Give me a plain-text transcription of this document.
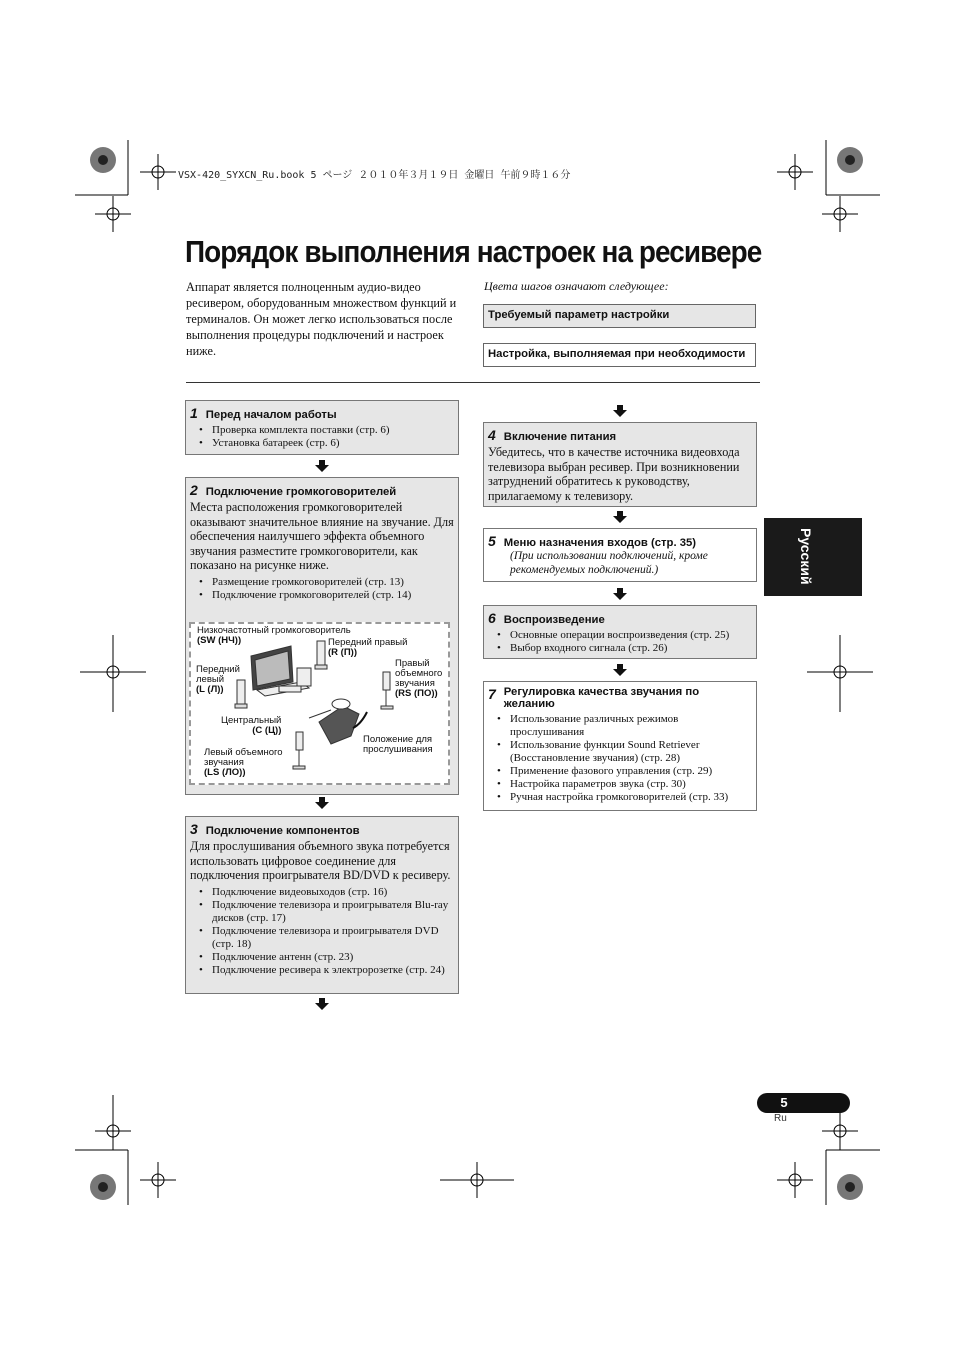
VSX-420_SYXCN_Ru.book 5 ページ ２０１０年３月１９日 金曜日 午前９時１６分
Порядок выполнения настроек на ресивере
Аппарат является полноценным аудио-видео ресивером, оборудованным множеством функций и терминалов. Он может легко использоваться после выполнения процедуры подключений и настроек ниже.
Цвета шагов означают следующее:
Требуемый параметр настройки
Настройка, выполняемая при необходимости
1 Перед началом работы
• Проверка комплекта поставки (стр. 6)
• Установка батареек (стр. 6)
2 Подключение громкоговорителей
Места расположения громкоговорителей оказывают значительное влияние на звучание. Для обеспечения наилучшего эффекта объемного звучания разместите громкоговорители, как показано на рисунке ниже.
• Размещение громкоговорителей (стр. 13)
• Подключение громкоговорителей (стр. 14)
Низкочастотный громкоговоритель
(SW (НЧ))	Передний правый
(R (П))
Передний левый
(L (Л))
Правый объемного звучания
(RS (ПО))
Центральный
(C (Ц))
Левый объемного звучания
(LS (ЛО))
Положение для прослушивания
3 Подключение компонентов
Для прослушивания объемного звука потребуется использовать цифровое соединение для подключения проигрывателя BD/DVD к ресиверу.
• Подключение видеовыходов (стр. 16)
• Подключение телевизора и проигрывателя Blu-ray дисков (стр. 17)
• Подключение телевизора и проигрывателя DVD (стр. 18)
• Подключение антенн (стр. 23)
• Подключение ресивера к электророзетке (стр. 24)
4 Включение питания
Убедитесь, что в качестве источника видеовхода телевизора выбран ресивер. При возникновении затруднений обратитесь к руководству, прилагаемому к телевизору.
5 Меню назначения входов (стр. 35)
(При использовании подключений, кроме рекомендуемых подключений.)
6 Воспроизведение
• Основные операции воспроизведения (стр. 25)
• Выбор входного сигнала (стр. 26)
7 Регулировка качества звучания по желанию
• Использование различных режимов прослушивания
• Использование функции Sound Retriever (Восстановление звучания) (стр. 28)
• Применение фазового управления (стр. 29)
• Настройка параметров звука (стр. 30)
• Ручная настройка громкоговорителей (стр. 33)
Русский
5
Ru
